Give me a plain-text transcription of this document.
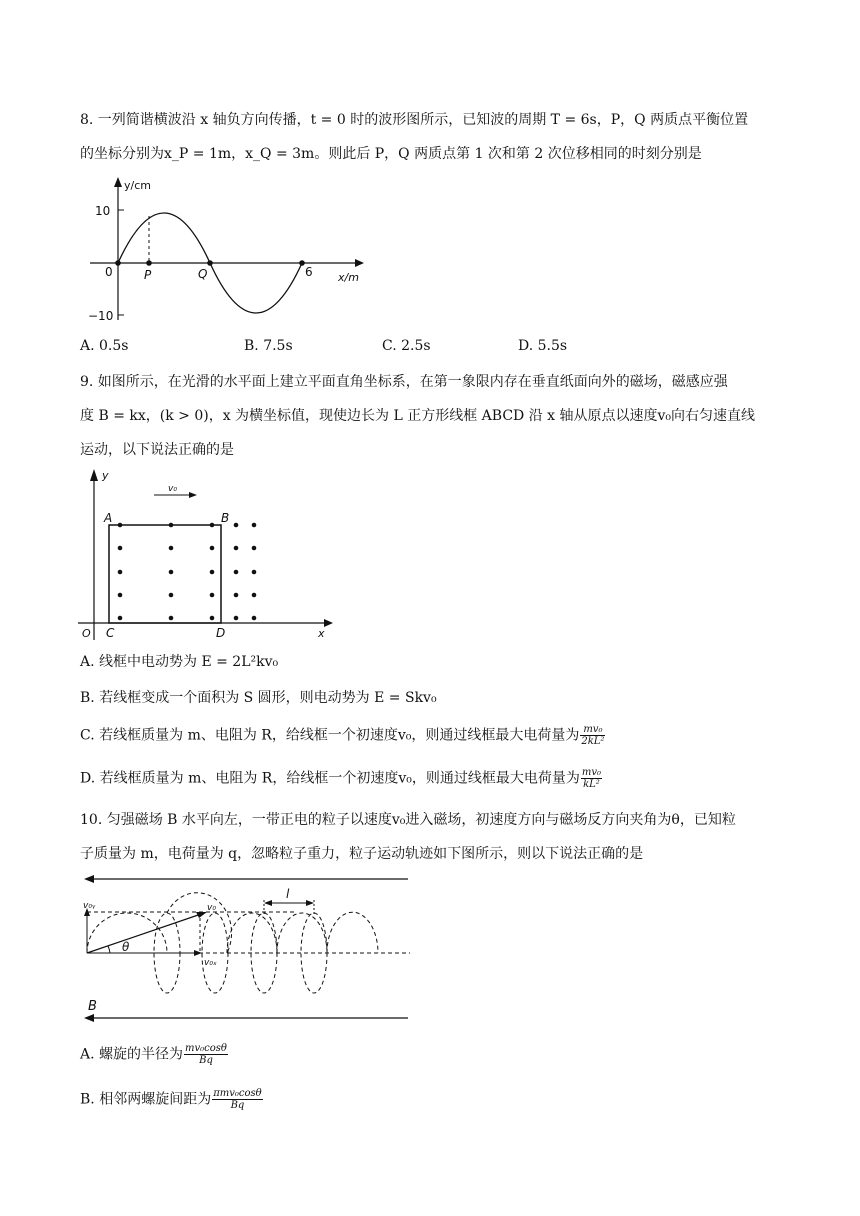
8. 一列简谐横波沿 x 轴负方向传播，t = 0 时的波形图所示，已知波的周期 T = 6s，P，Q 两质点平衡位置
的坐标分别为x_P = 1m，x_Q = 3m。则此后 P，Q 两质点第 1 次和第 2 次位移相同的时刻分别是
y/cm
x/m
10
−10
0	P	Q	6
A. 0.5s	B. 7.5s	C. 2.5s	D. 5.5s
9. 如图所示，在光滑的水平面上建立平面直角坐标系，在第一象限内存在垂直纸面向外的磁场，磁感应强
度 B = kx，(k > 0)，x 为横坐标值，现使边长为 L 正方形线框 ABCD 沿 x 轴从原点以速度v₀向右匀速直线
运动，以下说法正确的是
y
x
O
A	B
C	D
v₀
A. 线框中电动势为 E = 2L²kv₀
B. 若线框变成一个面积为 S 圆形，则电动势为 E = Skv₀
C. 若线框质量为 m、电阻为 R，给线框一个初速度v₀，则通过线框最大电荷量为 $\frac{\text{mv₀}}{\text{2kL²}}$
D. 若线框质量为 m、电阻为 R，给线框一个初速度v₀，则通过线框最大电荷量为 $\frac{\text{mv₀}}{\text{kL²}}$
10. 匀强磁场 B 水平向左，一带正电的粒子以速度v₀进入磁场，初速度方向与磁场反方向夹角为θ，已知粒
子质量为 m，电荷量为 q，忽略粒子重力，粒子运动轨迹如下图所示，则以下说法正确的是
l
v₀
v₀ᵧ
v₀ₓ
θ
B
A. 螺旋的半径为 $\frac{\text{mv₀cosθ}}{Bq}$
B. 相邻两螺旋间距为 $\frac{\text{πmv₀cosθ}}{Bq}$
